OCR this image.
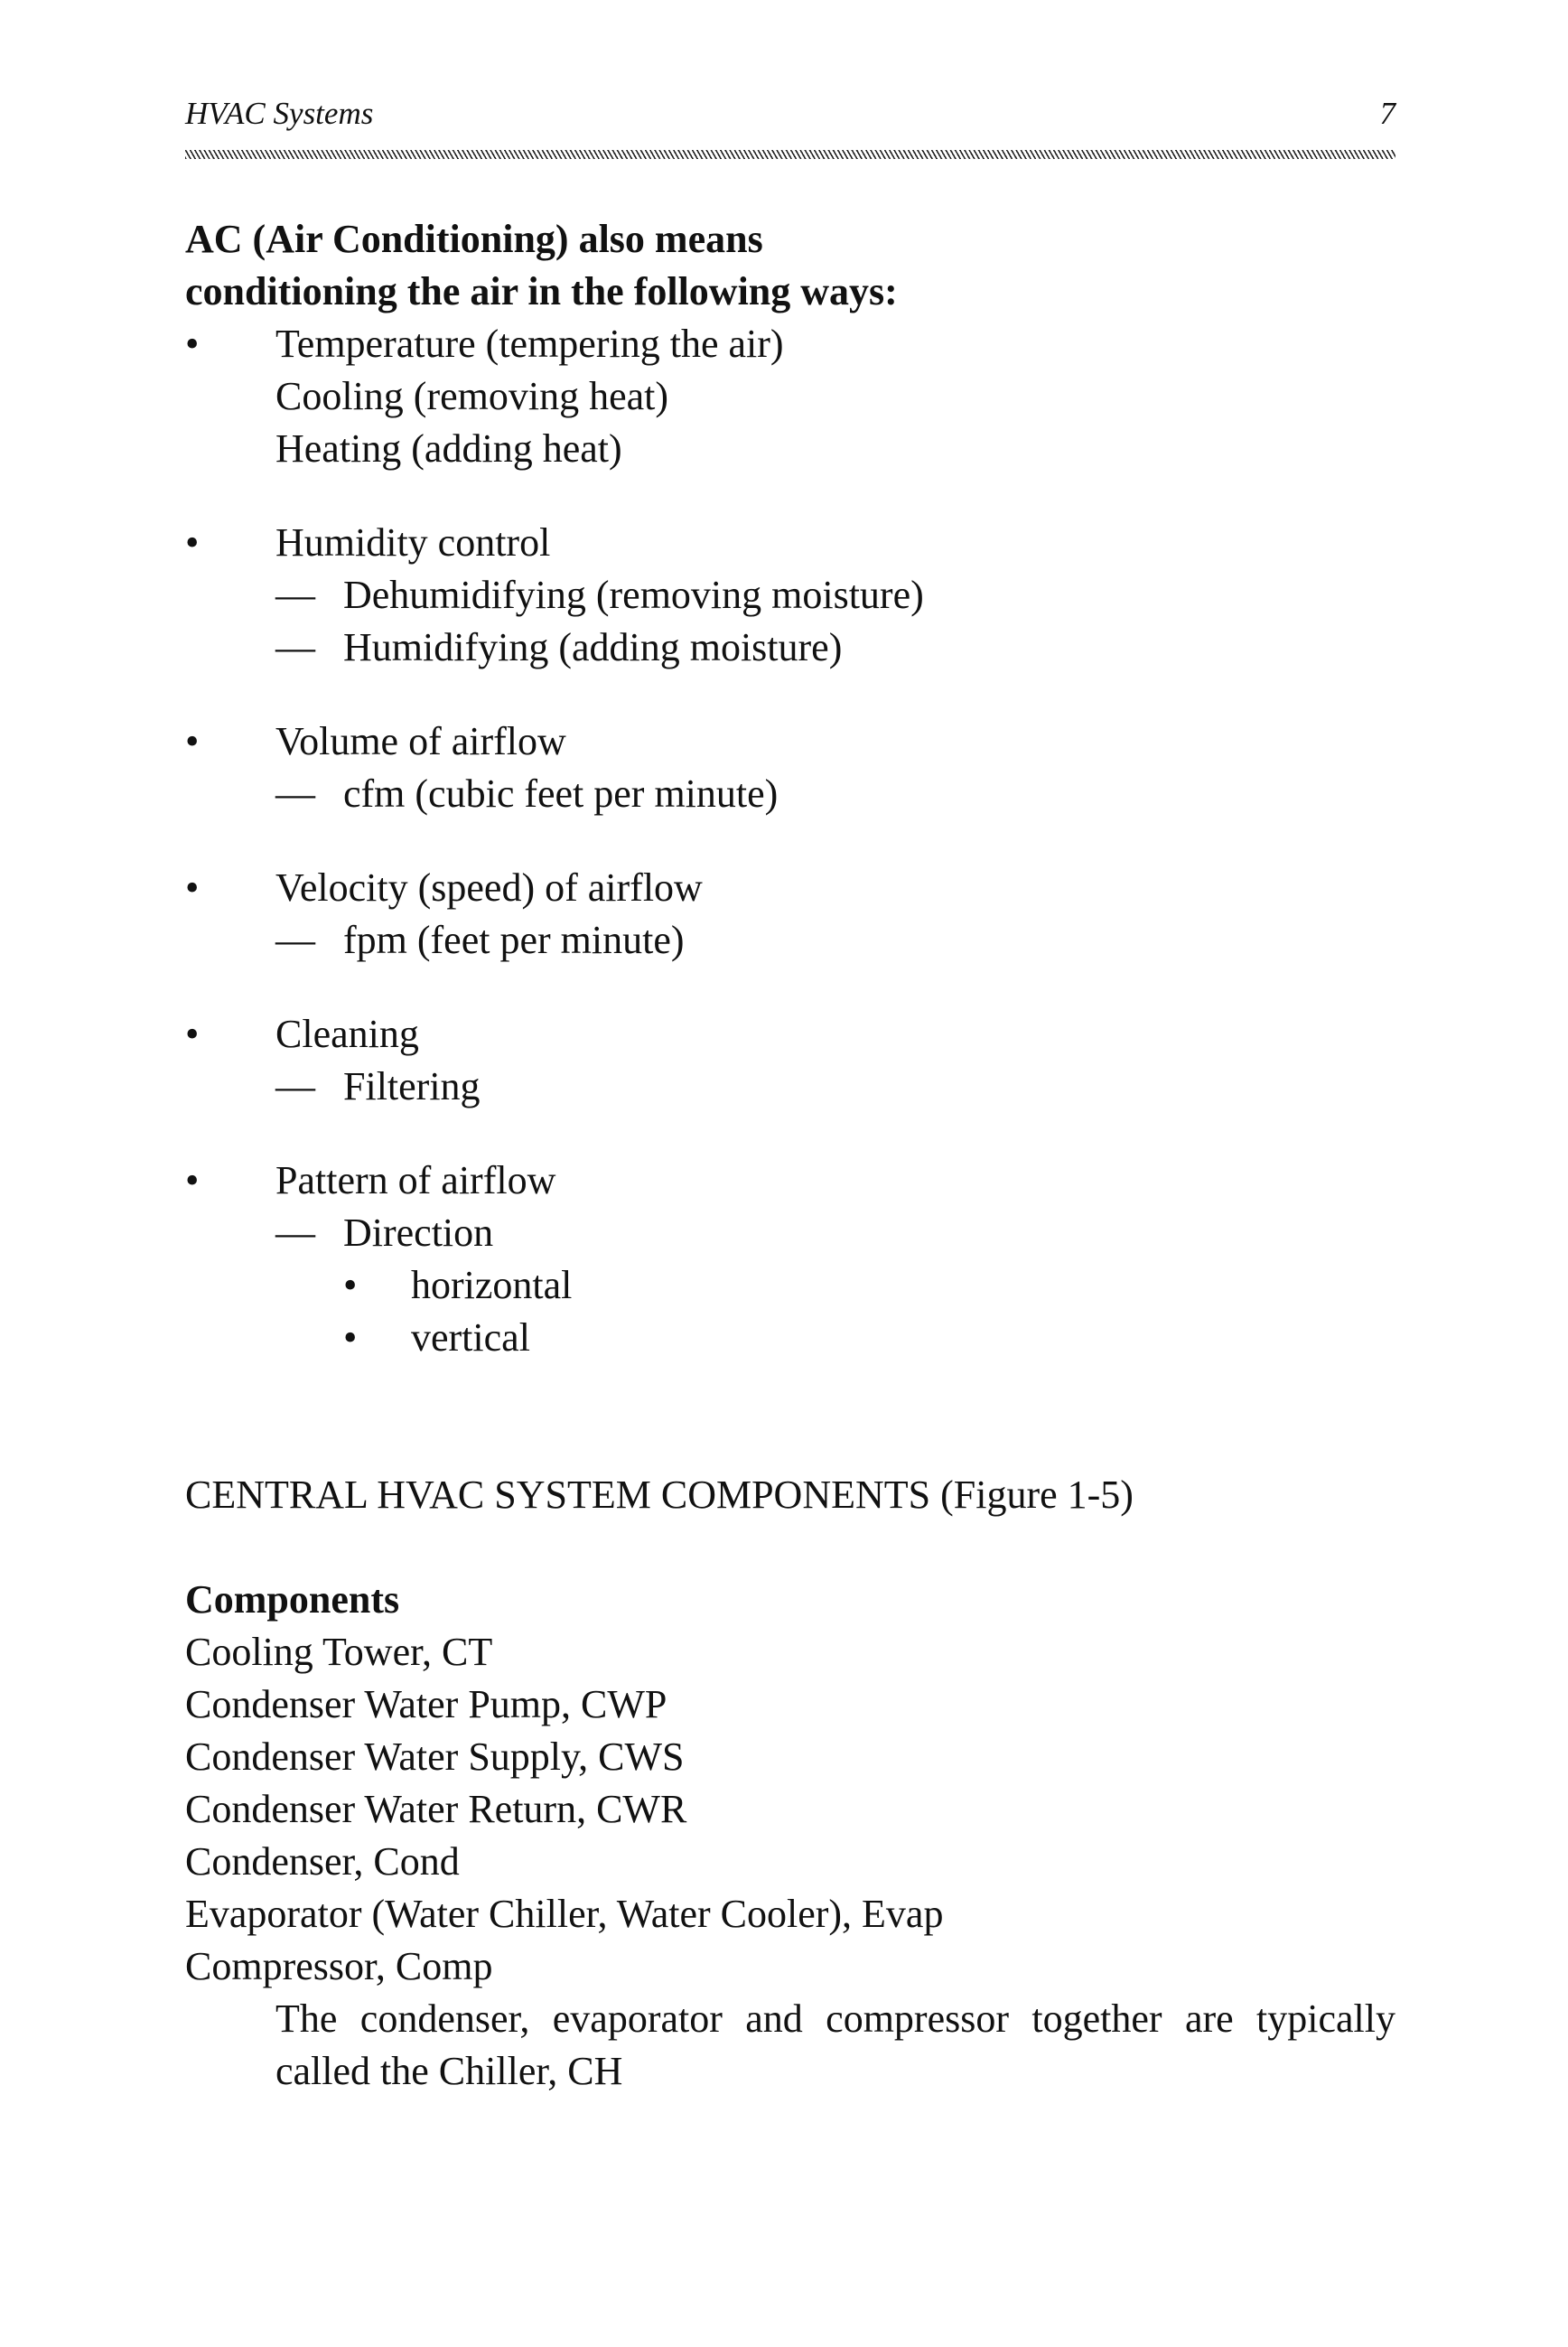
HVAC Systems	7
AC (Air Conditioning) also means
conditioning the air in the following ways:
• Temperature (tempering the air)
Cooling (removing heat)
Heating (adding heat)
• Humidity control
— Dehumidifying (removing moisture)
— Humidifying (adding moisture)
• Volume of airflow
— cfm (cubic feet per minute)
• Velocity (speed) of airflow
— fpm (feet per minute)
• Cleaning
— Filtering
• Pattern of airflow
— Direction
• horizontal
• vertical
CENTRAL HVAC SYSTEM COMPONENTS (Figure 1-5)
Components
Cooling Tower, CT
Condenser Water Pump, CWP
Condenser Water Supply, CWS
Condenser Water Return, CWR
Condenser, Cond
Evaporator (Water Chiller, Water Cooler), Evap
Compressor, Comp
The condenser, evaporator and compressor together are typically called the Chiller, CH
